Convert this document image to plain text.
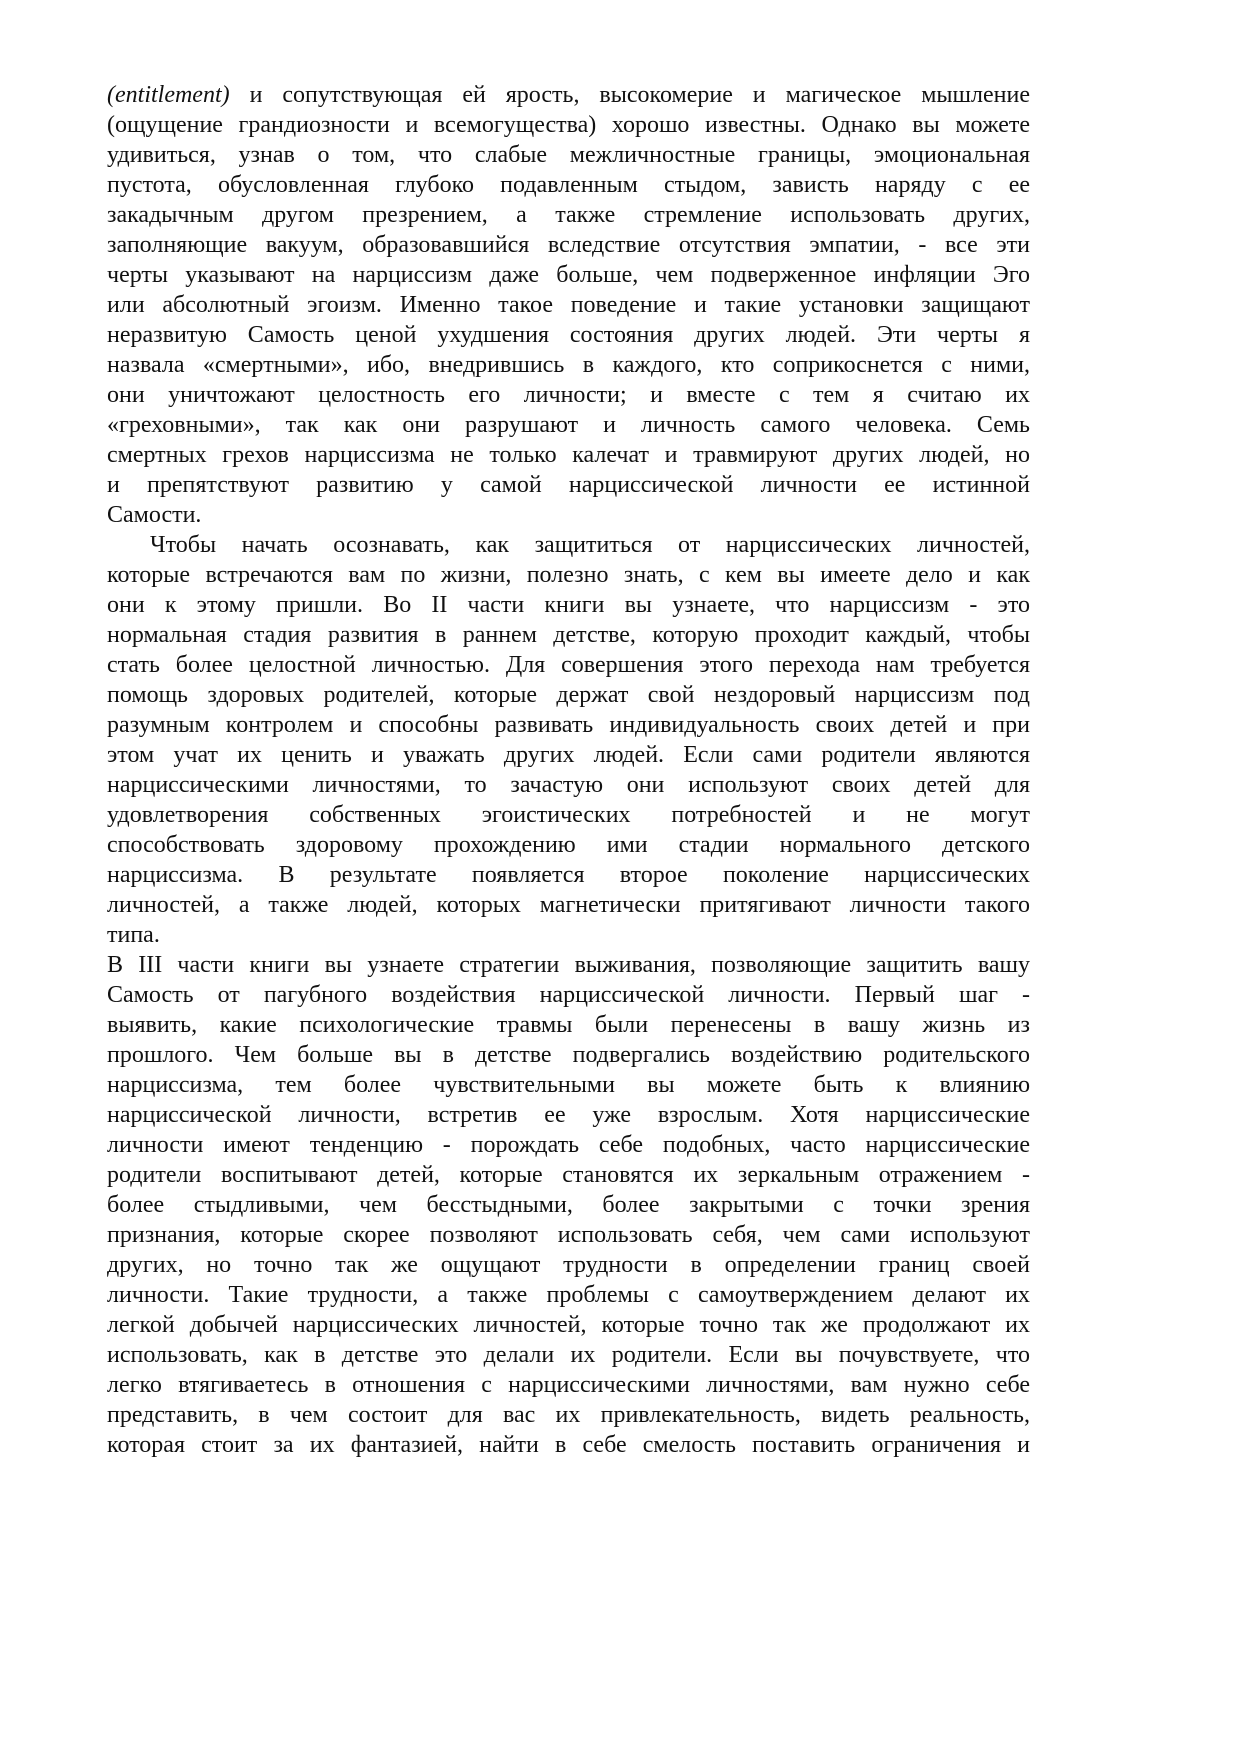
(entitlement) и сопутствующая ей ярость, высокомерие и магическое мышление
(ощущение грандиозности и всемогущества) хорошо известны. Однако вы можете
удивиться, узнав о том, что слабые межличностные границы, эмоциональная
пустота, обусловленная глубоко подавленным стыдом, зависть наряду с ее
закадычным другом презрением, а также стремление использовать других,
заполняющие вакуум, образовавшийся вследствие отсутствия эмпатии, - все эти
черты указывают на нарциссизм даже больше, чем подверженное инфляции Эго
или абсолютный эгоизм. Именно такое поведение и такие установки защищают
неразвитую Самость ценой ухудшения состояния других людей. Эти черты я
назвала «смертными», ибо, внедрившись в каждого, кто соприкоснется с ними,
они уничтожают целостность его личности; и вместе с тем я считаю их
«греховными», так как они разрушают и личность самого человека. Семь
смертных грехов нарциссизма не только калечат и травмируют других людей, но
и препятствуют развитию у самой нарциссической личности ее истинной
Самости.
Чтобы начать осознавать, как защититься от нарциссических личностей,
которые встречаются вам по жизни, полезно знать, с кем вы имеете дело и как
они к этому пришли. Во II части книги вы узнаете, что нарциссизм - это
нормальная стадия развития в раннем детстве, которую проходит каждый, чтобы
стать более целостной личностью. Для совершения этого перехода нам требуется
помощь здоровых родителей, которые держат свой нездоровый нарциссизм под
разумным контролем и способны развивать индивидуальность своих детей и при
этом учат их ценить и уважать других людей. Если сами родители являются
нарциссическими личностями, то зачастую они используют своих детей для
удовлетворения собственных эгоистических потребностей и не могут
способствовать здоровому прохождению ими стадии нормального детского
нарциссизма. В результате появляется второе поколение нарциссических
личностей, а также людей, которых магнетически притягивают личности такого
типа.
В III части книги вы узнаете стратегии выживания, позволяющие защитить вашу
Самость от пагубного воздействия нарциссической личности. Первый шаг -
выявить, какие психологические травмы были перенесены в вашу жизнь из
прошлого. Чем больше вы в детстве подвергались воздействию родительского
нарциссизма, тем более чувствительными вы можете быть к влиянию
нарциссической личности, встретив ее уже взрослым. Хотя нарциссические
личности имеют тенденцию - порождать себе подобных, часто нарциссические
родители воспитывают детей, которые становятся их зеркальным отражением -
более стыдливыми, чем бесстыдными, более закрытыми с точки зрения
признания, которые скорее позволяют использовать себя, чем сами используют
других, но точно так же ощущают трудности в определении границ своей
личности. Такие трудности, а также проблемы с самоутверждением делают их
легкой добычей нарциссических личностей, которые точно так же продолжают их
использовать, как в детстве это делали их родители. Если вы почувствуете, что
легко втягиваетесь в отношения с нарциссическими личностями, вам нужно себе
представить, в чем состоит для вас их привлекательность, видеть реальность,
которая стоит за их фантазией, найти в себе смелость поставить ограничения и
